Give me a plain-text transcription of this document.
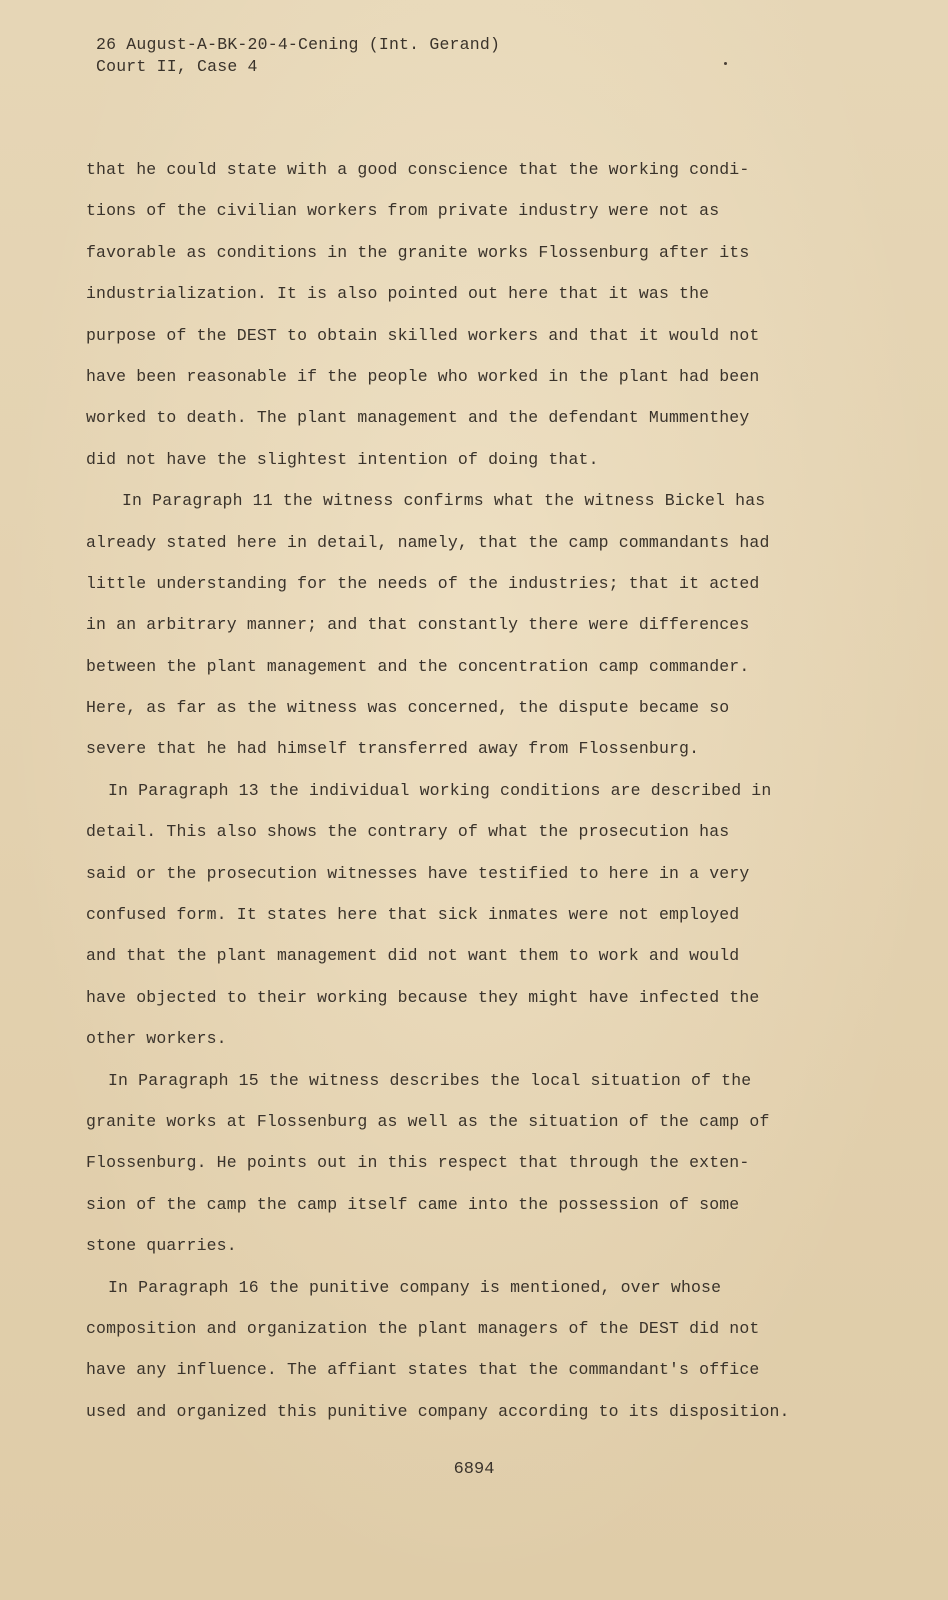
26 August-A-BK-20-4-Cening (Int. Gerand)
Court II, Case 4
that he could state with a good conscience that the working condi-
tions of the civilian workers from private industry were not as
favorable as conditions in the granite works Flossenburg after its
industrialization. It is also pointed out here that it was the
purpose of the DEST to obtain skilled workers and that it would not
have been reasonable if the people who worked in the plant had been
worked to death. The plant management and the defendant Mummenthey
did not have the slightest intention of doing that.
In Paragraph 11 the witness confirms what the witness Bickel has
already stated here in detail, namely, that the camp commandants had
little understanding for the needs of the industries; that it acted
in an arbitrary manner; and that constantly there were differences
between the plant management and the concentration camp commander.
Here, as far as the witness was concerned, the dispute became so
severe that he had himself transferred away from Flossenburg.
In Paragraph 13 the individual working conditions are described in
detail. This also shows the contrary of what the prosecution has
said or the prosecution witnesses have testified to here in a very
confused form. It states here that sick inmates were not employed
and that the plant management did not want them to work and would
have objected to their working because they might have infected the
other workers.
In Paragraph 15 the witness describes the local situation of the
granite works at Flossenburg as well as the situation of the camp of
Flossenburg. He points out in this respect that through the exten-
sion of the camp the camp itself came into the possession of some
stone quarries.
In Paragraph 16 the punitive company is mentioned, over whose
composition and organization the plant managers of the DEST did not
have any influence. The affiant states that the commandant's office
used and organized this punitive company according to its disposition.
6894
